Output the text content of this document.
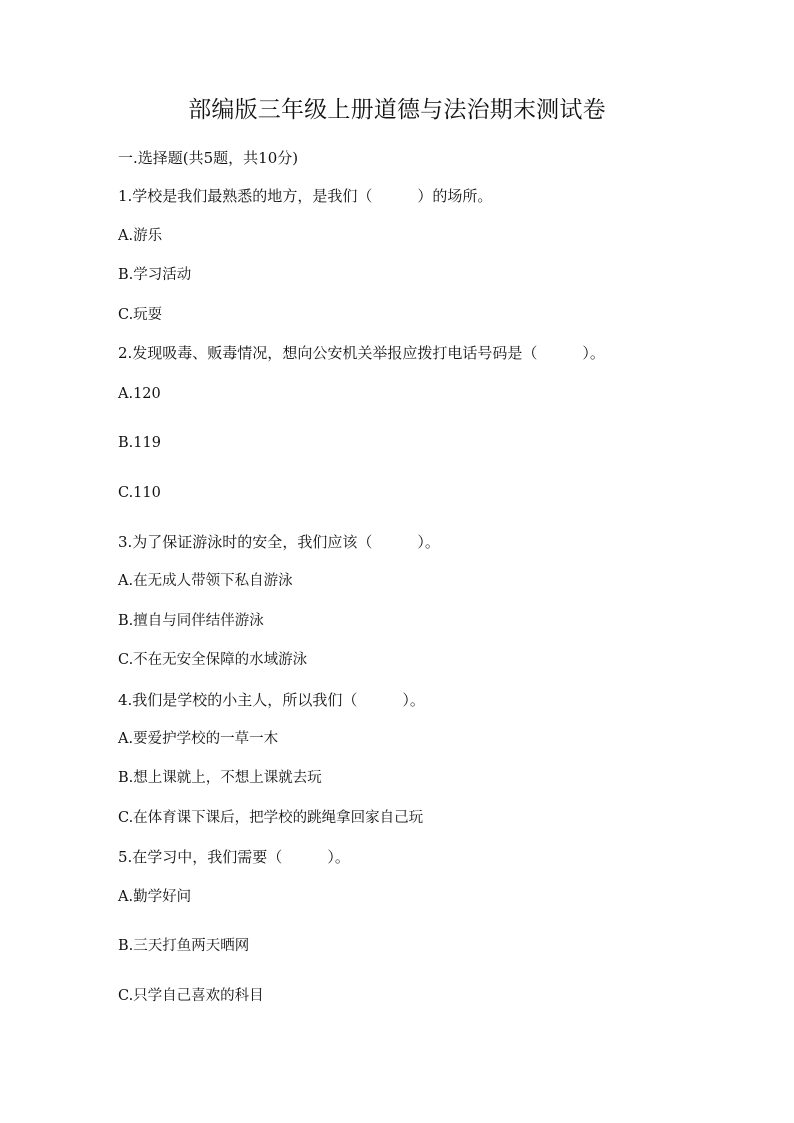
部编版三年级上册道德与法治期末测试卷
一.选择题(共5题，共10分)
1.学校是我们最熟悉的地方，是我们（　　　）的场所。
A.游乐
B.学习活动
C.玩耍
2.发现吸毒、贩毒情况，想向公安机关举报应拨打电话号码是（　　　）。
A.120
B.119
C.110
3.为了保证游泳时的安全，我们应该（　　　）。
A.在无成人带领下私自游泳
B.擅自与同伴结伴游泳
C.不在无安全保障的水域游泳
4.我们是学校的小主人，所以我们（　　　）。
A.要爱护学校的一草一木
B.想上课就上，不想上课就去玩
C.在体育课下课后，把学校的跳绳拿回家自己玩
5.在学习中，我们需要（　　　）。
A.勤学好问
B.三天打鱼两天晒网
C.只学自己喜欢的科目
